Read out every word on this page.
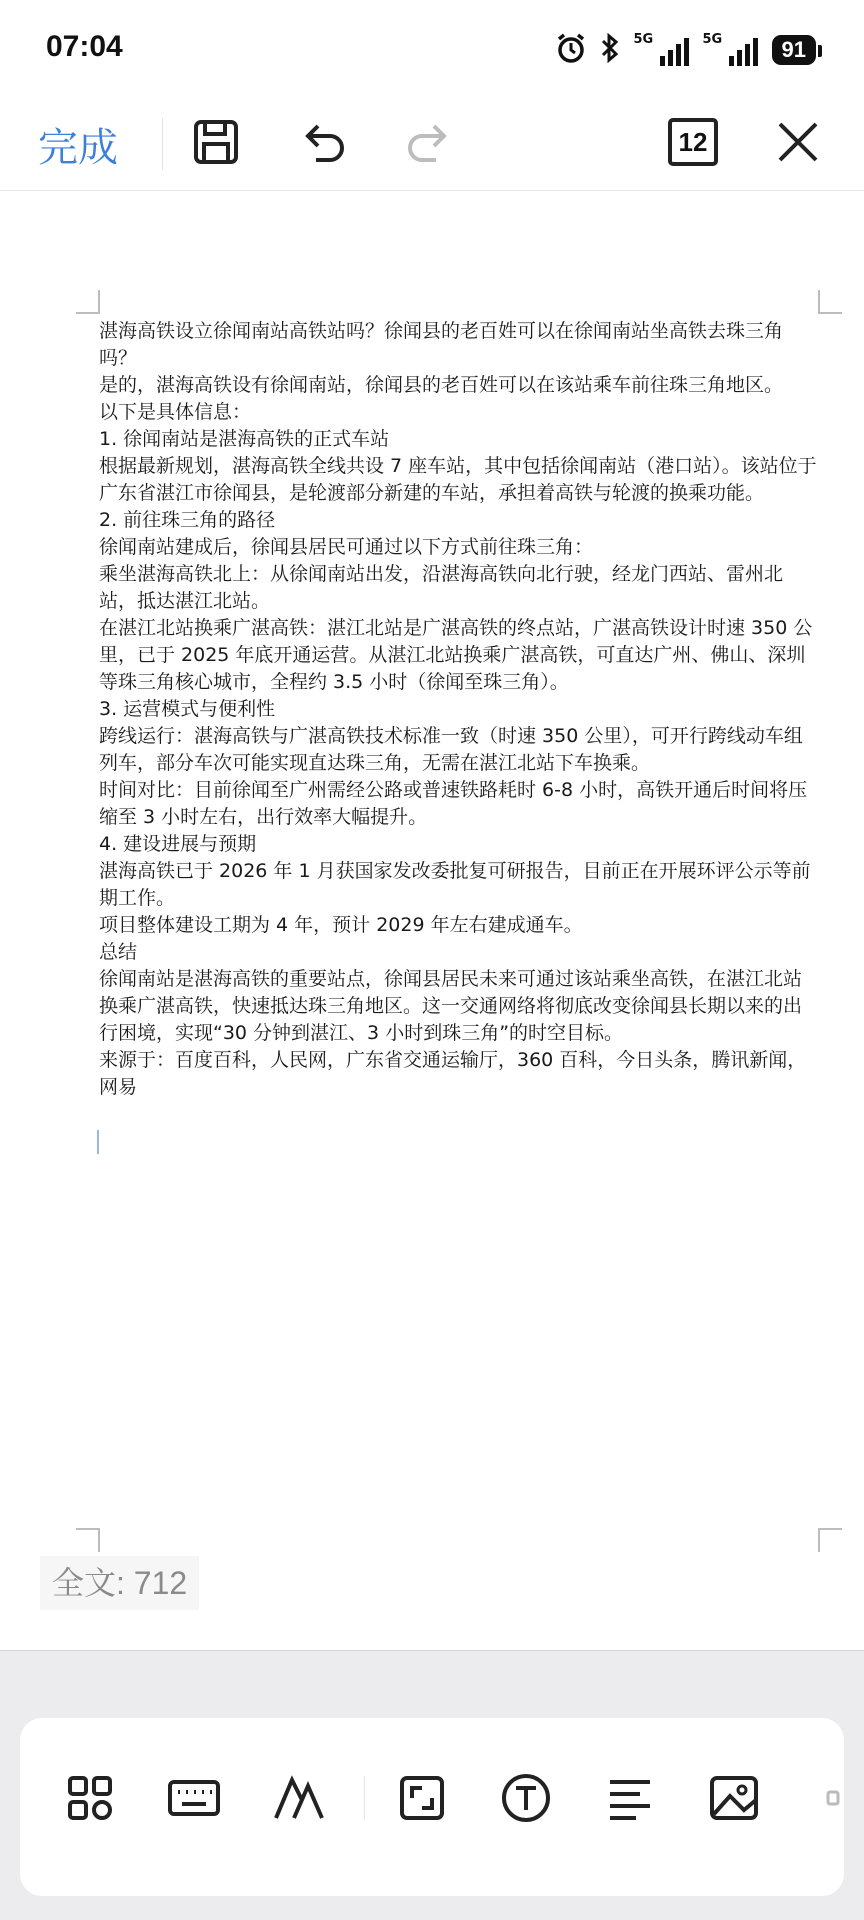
07:04	5G	5G	91
完成	12

湛海高铁设立徐闻南站高铁站吗？徐闻县的老百姓可以在徐闻南站坐高铁去珠三角吗？

是的，湛海高铁设有徐闻南站，徐闻县的老百姓可以在该站乘车前往珠三角地区。

以下是具体信息：

1. 徐闻南站是湛海高铁的正式车站

根据最新规划，湛海高铁全线共设 7 座车站，其中包括徐闻南站（港口站）。该站位于广东省湛江市徐闻县，是轮渡部分新建的车站，承担着高铁与轮渡的换乘功能。

2. 前往珠三角的路径

徐闻南站建成后，徐闻县居民可通过以下方式前往珠三角：

乘坐湛海高铁北上：从徐闻南站出发，沿湛海高铁向北行驶，经龙门西站、雷州北站，抵达湛江北站。

在湛江北站换乘广湛高铁：湛江北站是广湛高铁的终点站，广湛高铁设计时速 350 公里，已于 2025 年底开通运营。从湛江北站换乘广湛高铁，可直达广州、佛山、深圳等珠三角核心城市，全程约 3.5 小时（徐闻至珠三角）。

3. 运营模式与便利性

跨线运行：湛海高铁与广湛高铁技术标准一致（时速 350 公里），可开行跨线动车组列车，部分车次可能实现直达珠三角，无需在湛江北站下车换乘。

时间对比：目前徐闻至广州需经公路或普速铁路耗时 6-8 小时，高铁开通后时间将压缩至 3 小时左右，出行效率大幅提升。

4. 建设进展与预期

湛海高铁已于 2026 年 1 月获国家发改委批复可研报告，目前正在开展环评公示等前期工作。

项目整体建设工期为 4 年，预计 2029 年左右建成通车。

总结

徐闻南站是湛海高铁的重要站点，徐闻县居民未来可通过该站乘坐高铁，在湛江北站换乘广湛高铁，快速抵达珠三角地区。这一交通网络将彻底改变徐闻县长期以来的出行困境，实现“30 分钟到湛江、3 小时到珠三角”的时空目标。

来源于：百度百科，人民网，广东省交通运输厅，360 百科，今日头条，腾讯新闻，网易

全文: 712
